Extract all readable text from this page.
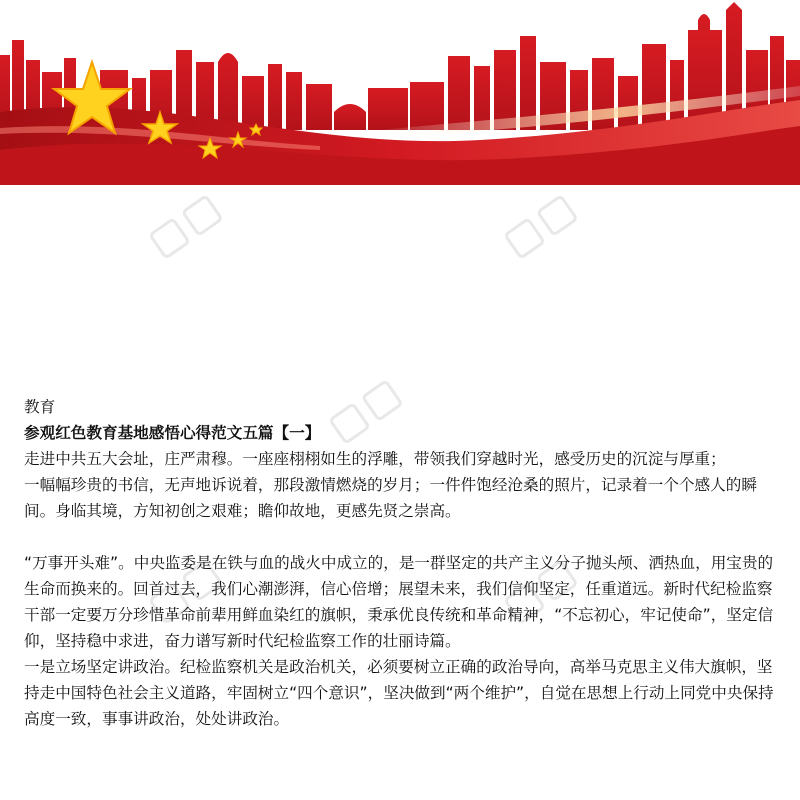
教育

参观红色教育基地感悟心得范文五篇【一】

走进中共五大会址，庄严肃穆。一座座栩栩如生的浮雕，带领我们穿越时光，感受历史的沉淀与厚重；

一幅幅珍贵的书信，无声地诉说着，那段激情燃烧的岁月；一件件饱经沧桑的照片，记录着一个个感人的瞬间。身临其境，方知初创之艰难；瞻仰故地，更感先贤之崇高。

“万事开头难”。中央监委是在铁与血的战火中成立的，是一群坚定的共产主义分子抛头颅、洒热血，用宝贵的生命而换来的。回首过去，我们心潮澎湃，信心倍增；展望未来，我们信仰坚定，任重道远。新时代纪检监察干部一定要万分珍惜革命前辈用鲜血染红的旗帜，秉承优良传统和革命精神，“不忘初心，牢记使命”，坚定信仰，坚持稳中求进，奋力谱写新时代纪检监察工作的壮丽诗篇。

一是立场坚定讲政治。纪检监察机关是政治机关，必须要树立正确的政治导向，高举马克思主义伟大旗帜，坚持走中国特色社会主义道路，牢固树立“四个意识”，坚决做到“两个维护”，自觉在思想上行动上同党中央保持高度一致，事事讲政治，处处讲政治。
